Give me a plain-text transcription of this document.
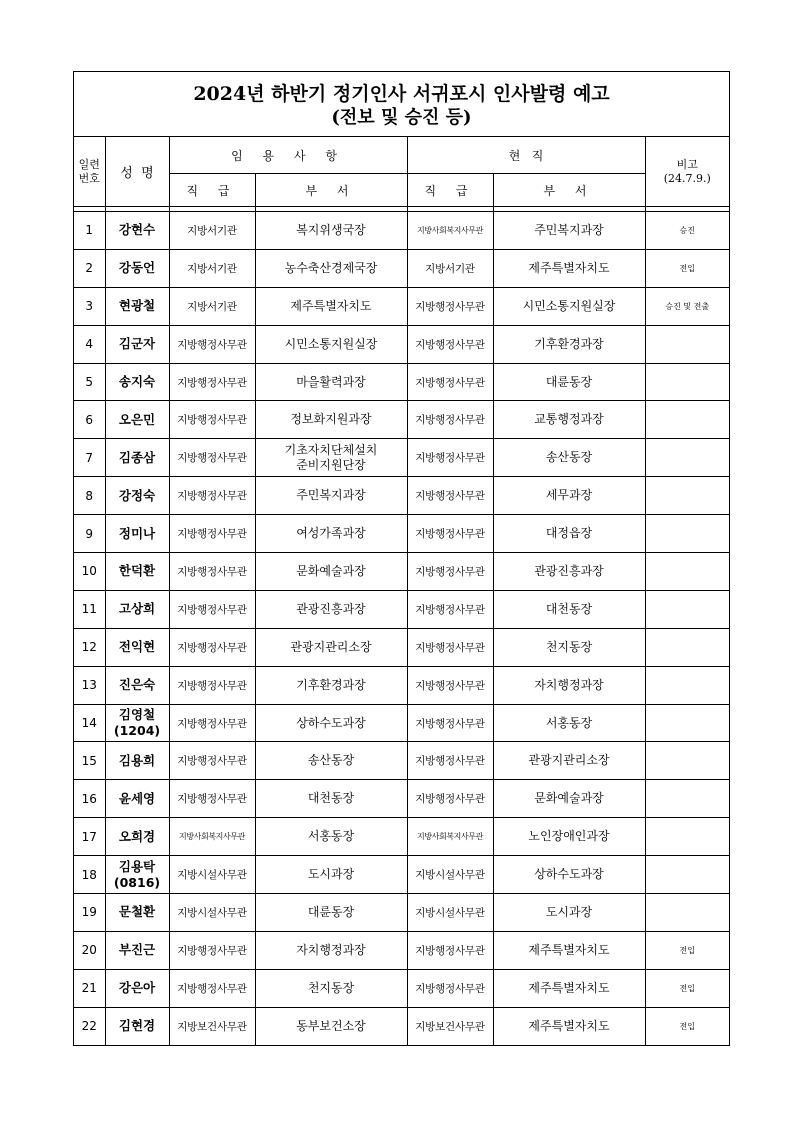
2024년 하반기 정기인사 서귀포시 인사발령 예고
(전보 및 승진 등)
일련
번호	성  명	임 용 사 항		현   직		비고
(24.7.9.)
		직 급	부 서	직 급	부 서	

1	강현수	지방서기관	복지위생국장	지방사회복지사무관	주민복지과장	승진
2	강동언	지방서기관	농수축산경제국장	지방서기관	제주특별자치도	전입
3	현광철	지방서기관	제주특별자치도	지방행정사무관	시민소통지원실장	승진 및 전출
4	김군자	지방행정사무관	시민소통지원실장	지방행정사무관	기후환경과장	
5	송지숙	지방행정사무관	마을활력과장	지방행정사무관	대륜동장	
6	오은민	지방행정사무관	정보화지원과장	지방행정사무관	교통행정과장	
7	김종삼	지방행정사무관	기초자치단체설치
준비지원단장	지방행정사무관	송산동장	
8	강정숙	지방행정사무관	주민복지과장	지방행정사무관	세무과장	
9	정미나	지방행정사무관	여성가족과장	지방행정사무관	대정읍장	
10	한덕환	지방행정사무관	문화예술과장	지방행정사무관	관광진흥과장	
11	고상희	지방행정사무관	관광진흥과장	지방행정사무관	대천동장	
12	전익현	지방행정사무관	관광지관리소장	지방행정사무관	천지동장	
13	진은숙	지방행정사무관	기후환경과장	지방행정사무관	자치행정과장	
14	김영철
(1204)	지방행정사무관	상하수도과장	지방행정사무관	서홍동장	
15	김용희	지방행정사무관	송산동장	지방행정사무관	관광지관리소장	
16	윤세영	지방행정사무관	대천동장	지방행정사무관	문화예술과장	
17	오희경	지방사회복지사무관	서홍동장	지방사회복지사무관	노인장애인과장	
18	김용탁
(0816)	지방시설사무관	도시과장	지방시설사무관	상하수도과장	
19	문철환	지방시설사무관	대륜동장	지방시설사무관	도시과장	
20	부진근	지방행정사무관	자치행정과장	지방행정사무관	제주특별자치도	전입
21	강은아	지방행정사무관	천지동장	지방행정사무관	제주특별자치도	전입
22	김현경	지방보건사무관	동부보건소장	지방보건사무관	제주특별자치도	전입
